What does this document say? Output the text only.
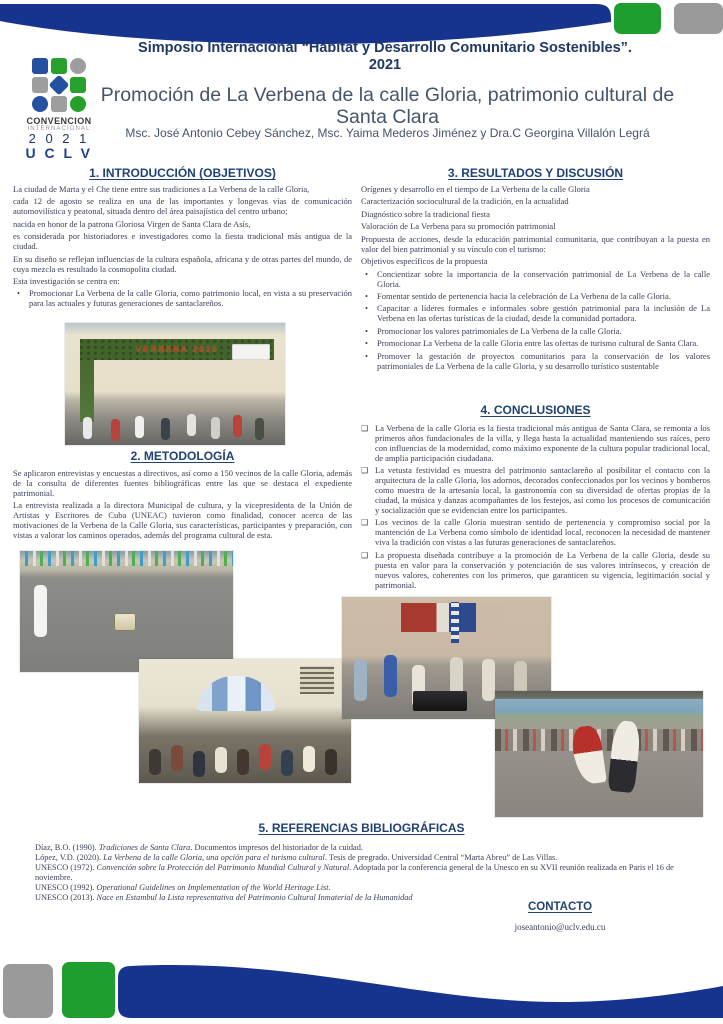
CONVENCION
INTERNACIONAL
2 0 2 1
U C L V
Simposio Internacional “Hábitat y Desarrollo Comunitario Sostenibles”.
2021
Promoción de La Verbena de la calle Gloria, patrimonio cultural de Santa Clara
Msc. José Antonio Cebey Sánchez, Msc. Yaima Mederos Jiménez y Dra.C Georgina Villalón Legrá
1. INTRODUCCIÓN (OBJETIVOS)

La ciudad de Marta y el Che tiene entre sus tradiciones a La Verbena de la calle Gloria,

cada 12 de agosto se realiza en una de las importantes y longevas vías de comunicación automovilística y peatonal, situada dentro del área paisajística del centro urbano;

nacida en honor de la patrona Gloriosa Virgen de Santa Clara de Asís,

es considerada por historiadores e investigadores como la fiesta tradicional más antigua de la ciudad.

En su diseño se reflejan influencias de la cultura española, africana y de otras partes del mundo, de cuya mezcla es resultado la cosmopolita ciudad.

Esta investigación se centra en:

• Promocionar La Verbena de la calle Gloria, como patrimonio local, en vista a su preservación para las actuales y futuras generaciones de santaclareños.

VERBENA 2019
2. METODOLOGÍA

Se aplicaron entrevistas y encuestas a directivos, así como a 150 vecinos de la calle Gloria, además de la consulta de diferentes fuentes bibliográficas entre las que se destaca el expediente patrimonial.

La entrevista realizada a la directora Municipal de cultura, y la vicepresidenta de la Unión de Artistas y Escritores de Cuba (UNEAC) tuvieron como finalidad, conocer acerca de las motivaciones de la Verbena de la Calle Gloria, sus características, participantes y preparación, con vistas a valorar los caminos operados, además del programa cultural de esta.

3. RESULTADOS Y DISCUSIÓN

Orígenes y desarrollo en el tiempo de La Verbena de la calle Gloria

Caracterización sociocultural de la tradición, en la actualidad

Diagnóstico sobre la tradicional fiesta

Valoración de La Verbena para su promoción patrimonial

Propuesta de acciones, desde la educación patrimonial comunitaria, que contribuyan a la puesta en valor del bien patrimonial y su vínculo con el turismo:

Objetivos específicos de la propuesta

• Concientizar sobre la importancia de la conservación patrimonial de La Verbena de la calle Gloria.

• Fomentar sentido de pertenencia hacia la celebración de La Verbena de la calle Gloria.

• Capacitar a líderes formales e informales sobre gestión patrimonial para la inclusión de La Verbena en las ofertas turísticas de la ciudad, desde la comunidad portadora.

• Promocionar los valores patrimoniales de La Verbena de la calle Gloria.

• Promocionar La Verbena de la calle Gloria entre las ofertas de turismo cultural de Santa Clara.

• Promover la gestación de proyectos comunitarios para la conservación de los valores patrimoniales de La Verbena de la calle Gloria, y su desarrollo turístico sustentable

4. CONCLUSIONES

❑ La Verbena de la calle Gloria es la fiesta tradicional más antigua de Santa Clara, se remonta a los primeros años fundacionales de la villa, y llega hasta la actualidad manteniendo sus raíces, pero con influencias de la modernidad, como máximo exponente de la cultura popular tradicional local, de amplia participación ciudadana.

❑ La vetusta festividad es muestra del patrimonio santaclareño al posibilitar el contacto con la arquitectura de la calle Gloria, los adornos, decorados confeccionados por los vecinos y bomberos como muestra de la artesanía local, la gastronomía con su diversidad de ofertas propias de la ciudad, la música y danzas acompañantes de los festejos, así como los procesos de comunicación y socialización que se evidencian entre los participantes.

❑ Los vecinos de la calle Gloria muestran sentido de pertenencia y compromiso social por la mantención de La Verbena como símbolo de identidad local, reconocen la necesidad de mantener viva la tradición con vistas a las futuras generaciones de santaclareños.

❑ La propuesta diseñada contribuye a la promoción de La Verbena de la calle Gloria, desde su puesta en valor para la conservación y potenciación de sus valores intrínsecos, y creación de nuevos valores, coherentes con los primeros, que garanticen su vigencia, legitimación social y patrimonial.

5. REFERENCIAS BIBLIOGRÁFICAS

Díaz, B.O. (1990). Tradiciones de Santa Clara. Documentos impresos del historiador de la cuidad.

López, V.D. (2020). La Verbena de la calle Gloria, una opción para el turismo cultural. Tesis de pregrado. Universidad Central “Marta Abreu” de Las Villas.

UNESCO (1972). Convención sobre la Protección del Patrimonio Mundial Cultural y Natural. Adoptada por la conferencia general de la Unesco en su XVII reunión realizada en Paris el 16 de noviembre.

UNESCO (1992). Operational Guidelines on Implementation of the World Heritage List.

UNESCO (2013). Nace en Estambul la Lista representativa del Patrimonio Cultural Inmaterial de la Humanidad

CONTACTO
joseantonio@uclv.edu.cu
